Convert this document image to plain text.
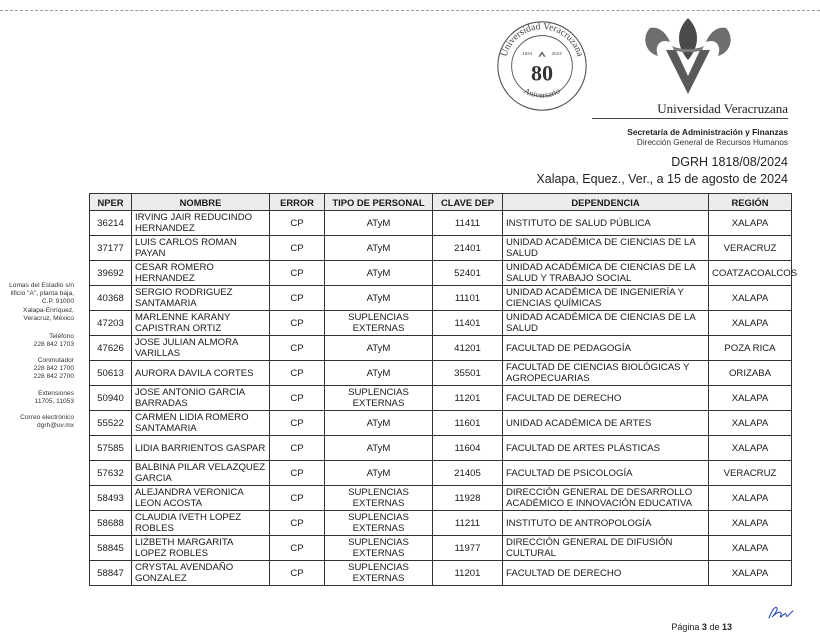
Universidad Veracruzana
Aniversario
1944	2024
80
Universidad Veracruzana
Secretaría de Administración y Finanzas
Dirección General de Recursos Humanos
DGRH 1818/08/2024
Xalapa, Equez., Ver., a 15 de agosto de 2024
Lomas del Estadio s/n
lificio "A", planta baja,
C.P. 91000
Xalapa-Enríquez,
Veracruz, México
Teléfono
228 842 1703
Conmutador
228 842 1700
228 842 2700
Extensiones
11705, 11053
Correo electrónico
dgrh@uv.mx
NPER	NOMBRE	ERROR	TIPO DE PERSONAL	CLAVE DEP	DEPENDENCIA	REGIÓN
36214	IRVING JAIR REDUCINDO HERNANDEZ	CP	ATyM	11411	INSTITUTO DE SALUD PÚBLICA	XALAPA
37177	LUIS CARLOS ROMAN PAYAN	CP	ATyM	21401	UNIDAD ACADÉMICA DE CIENCIAS DE LA SALUD	VERACRUZ
39692	CESAR ROMERO HERNANDEZ	CP	ATyM	52401	UNIDAD ACADÉMICA DE CIENCIAS DE LA SALUD Y TRABAJO SOCIAL	COATZACOALCOS
40368	SERGIO RODRIGUEZ SANTAMARIA	CP	ATyM	11101	UNIDAD ACADÉMICA DE INGENIERÍA Y CIENCIAS QUÍMICAS	XALAPA
47203	MARLENNE KARANY CAPISTRAN ORTIZ	CP	SUPLENCIAS EXTERNAS	11401	UNIDAD ACADÉMICA DE CIENCIAS DE LA SALUD	XALAPA
47626	JOSE JULIAN ALMORA VARILLAS	CP	ATyM	41201	FACULTAD DE PEDAGOGÍA	POZA RICA
50613	AURORA DAVILA CORTES	CP	ATyM	35501	FACULTAD DE CIENCIAS BIOLÓGICAS Y AGROPECUARIAS	ORIZABA
50940	JOSE ANTONIO GARCIA BARRADAS	CP	SUPLENCIAS EXTERNAS	11201	FACULTAD DE DERECHO	XALAPA
55522	CARMEN LIDIA ROMERO SANTAMARIA	CP	ATyM	11601	UNIDAD ACADÉMICA DE ARTES	XALAPA
57585	LIDIA BARRIENTOS GASPAR	CP	ATyM	11604	FACULTAD DE ARTES PLÁSTICAS	XALAPA
57632	BALBINA PILAR VELAZQUEZ GARCIA	CP	ATyM	21405	FACULTAD DE PSICOLOGÍA	VERACRUZ
58493	ALEJANDRA VERONICA LEON ACOSTA	CP	SUPLENCIAS EXTERNAS	11928	DIRECCIÓN GENERAL DE DESARROLLO ACADÉMICO E INNOVACIÓN EDUCATIVA	XALAPA
58688	CLAUDIA IVETH LOPEZ ROBLES	CP	SUPLENCIAS EXTERNAS	11211	INSTITUTO DE ANTROPOLOGÍA	XALAPA
58845	LIZBETH MARGARITA LOPEZ ROBLES	CP	SUPLENCIAS EXTERNAS	11977	DIRECCIÓN GENERAL DE DIFUSIÓN CULTURAL	XALAPA
58847	CRYSTAL AVENDAÑO GONZALEZ	CP	SUPLENCIAS EXTERNAS	11201	FACULTAD DE DERECHO	XALAPA
Página 3 de 13
